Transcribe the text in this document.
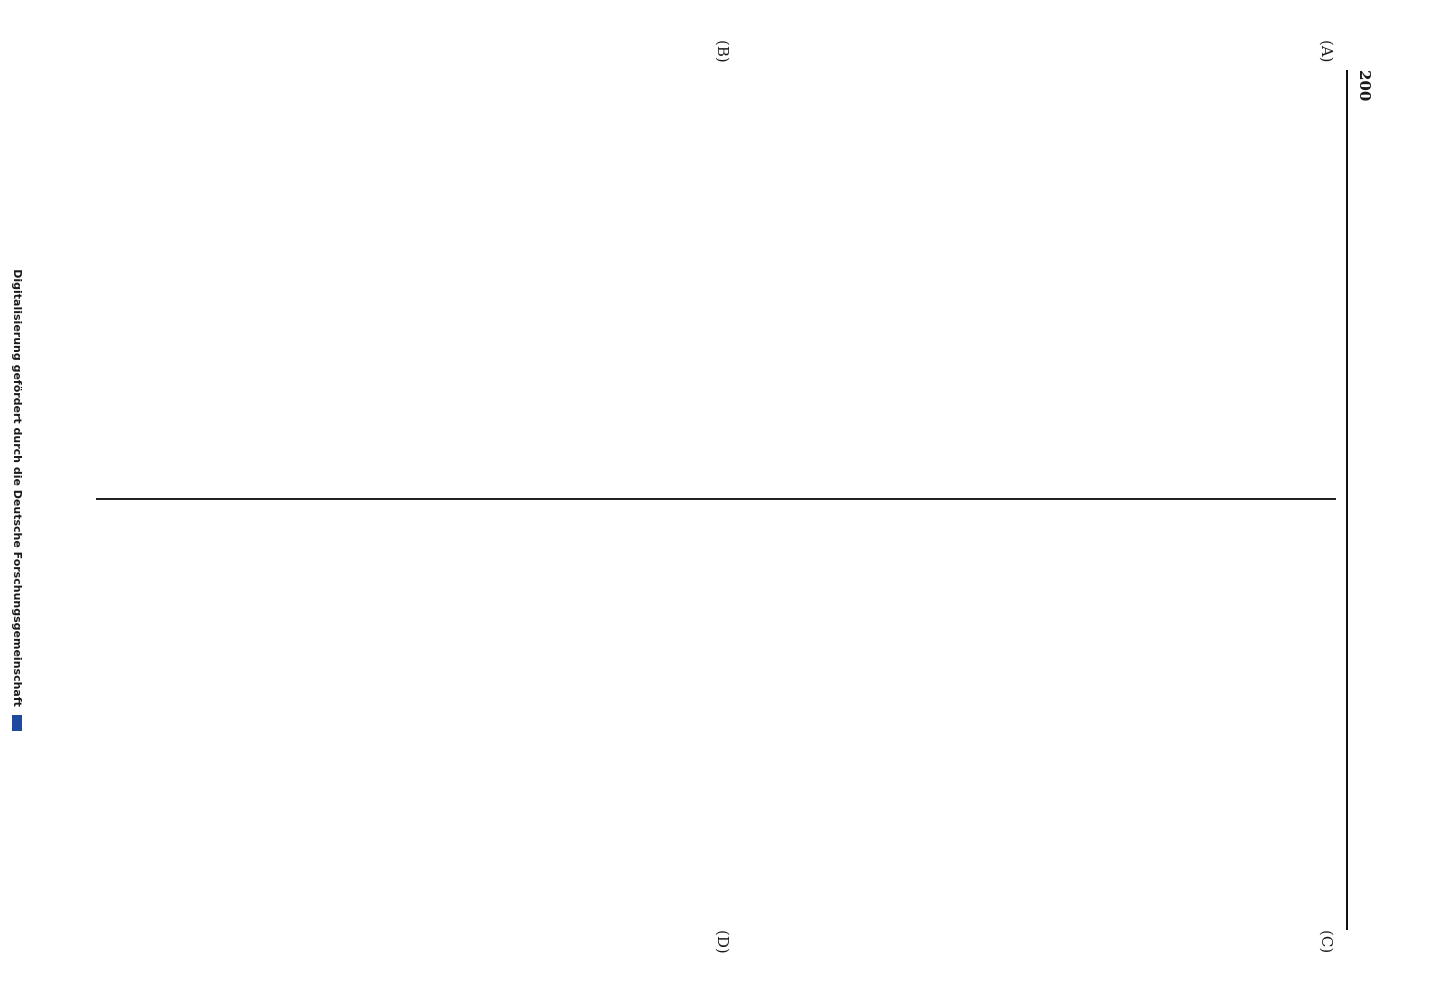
200
(A)
(B)
(C)
(D)
Digitalisierung gefördert durch die Deutsche Forschungsgemeinschaft
